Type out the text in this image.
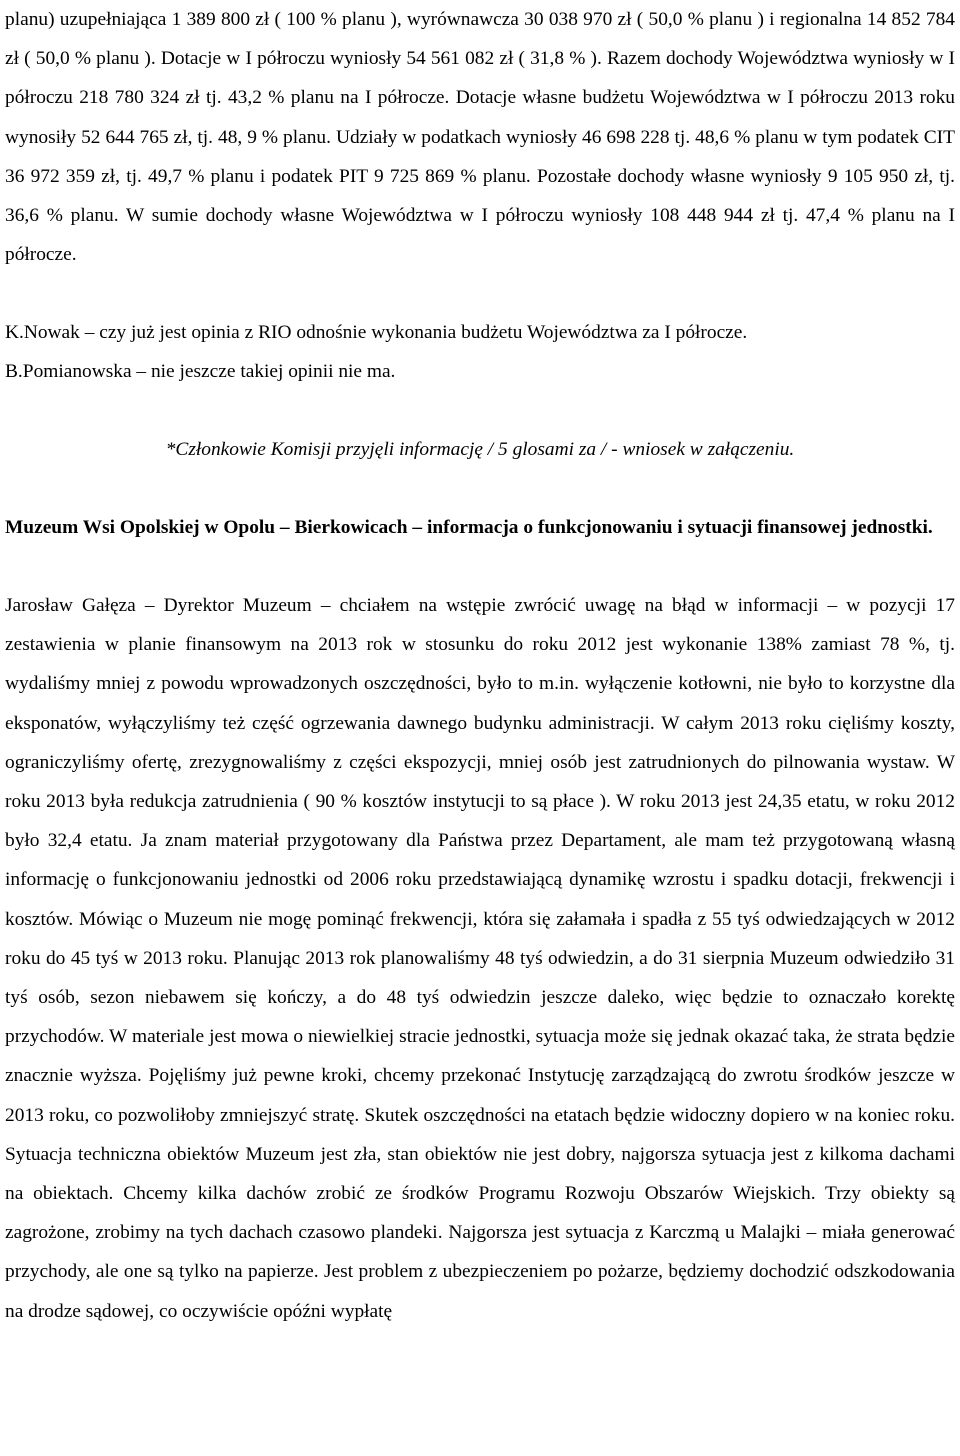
planu) uzupełniająca 1 389 800 zł ( 100 % planu ), wyrównawcza 30 038 970 zł ( 50,0 % planu ) i regionalna 14 852 784 zł ( 50,0 % planu ). Dotacje w I półroczu wyniosły 54 561 082 zł ( 31,8 % ). Razem dochody Województwa wyniosły w I półroczu 218 780 324 zł tj. 43,2 % planu na I półrocze. Dotacje własne budżetu Województwa w I półroczu 2013 roku wynosiły 52 644 765 zł, tj. 48, 9 % planu. Udziały w podatkach wyniosły 46 698 228 tj. 48,6 % planu w tym podatek CIT 36 972 359 zł, tj. 49,7 % planu i podatek PIT 9 725 869 % planu. Pozostałe dochody własne wyniosły 9 105 950 zł, tj. 36,6 % planu. W sumie dochody własne Województwa w I półroczu wyniosły 108 448 944 zł tj. 47,4 % planu na I półrocze.

K.Nowak – czy już jest opinia z RIO odnośnie wykonania budżetu Województwa za I półrocze.

B.Pomianowska – nie jeszcze takiej opinii nie ma.

*Członkowie Komisji przyjęli informację / 5 glosami za / - wniosek w załączeniu.

Muzeum Wsi Opolskiej w Opolu – Bierkowicach – informacja o funkcjonowaniu i sytuacji finansowej jednostki.

Jarosław Gałęza – Dyrektor Muzeum – chciałem na wstępie zwrócić uwagę na błąd w informacji – w pozycji 17 zestawienia w planie finansowym na 2013 rok w stosunku do roku 2012 jest wykonanie 138% zamiast 78 %, tj. wydaliśmy mniej z powodu wprowadzonych oszczędności, było to m.in. wyłączenie kotłowni, nie było to korzystne dla eksponatów, wyłączyliśmy też część ogrzewania dawnego budynku administracji. W całym 2013 roku cięliśmy koszty, ograniczyliśmy ofertę, zrezygnowaliśmy z części ekspozycji, mniej osób jest zatrudnionych do pilnowania wystaw. W roku 2013 była redukcja zatrudnienia ( 90 % kosztów instytucji to są płace ). W roku 2013 jest 24,35 etatu, w roku 2012 było 32,4 etatu. Ja znam materiał przygotowany dla Państwa przez Departament, ale mam też przygotowaną własną informację o funkcjonowaniu jednostki od 2006 roku przedstawiającą dynamikę wzrostu i spadku dotacji, frekwencji i kosztów. Mówiąc o Muzeum nie mogę pominąć frekwencji, która się załamała i spadła z 55 tyś odwiedzających w 2012 roku do 45 tyś w 2013 roku. Planując 2013 rok planowaliśmy 48 tyś odwiedzin, a do 31 sierpnia Muzeum odwiedziło 31 tyś osób, sezon niebawem się kończy, a do 48 tyś odwiedzin jeszcze daleko, więc będzie to oznaczało korektę przychodów. W materiale jest mowa o niewielkiej stracie jednostki, sytuacja może się jednak okazać taka, że strata będzie znacznie wyższa. Pojęliśmy już pewne kroki, chcemy przekonać Instytucję zarządzającą do zwrotu środków jeszcze w 2013 roku, co pozwoliłoby zmniejszyć stratę. Skutek oszczędności na etatach będzie widoczny dopiero w na koniec roku. Sytuacja techniczna obiektów Muzeum jest zła, stan obiektów nie jest dobry, najgorsza sytuacja jest z kilkoma dachami na obiektach. Chcemy kilka dachów zrobić ze środków Programu Rozwoju Obszarów Wiejskich. Trzy obiekty są zagrożone, zrobimy na tych dachach czasowo plandeki. Najgorsza jest sytuacja z Karczmą u Malajki – miała generować przychody, ale one są tylko na papierze. Jest problem z ubezpieczeniem po pożarze, będziemy dochodzić odszkodowania na drodze sądowej, co oczywiście opóźni wypłatę
